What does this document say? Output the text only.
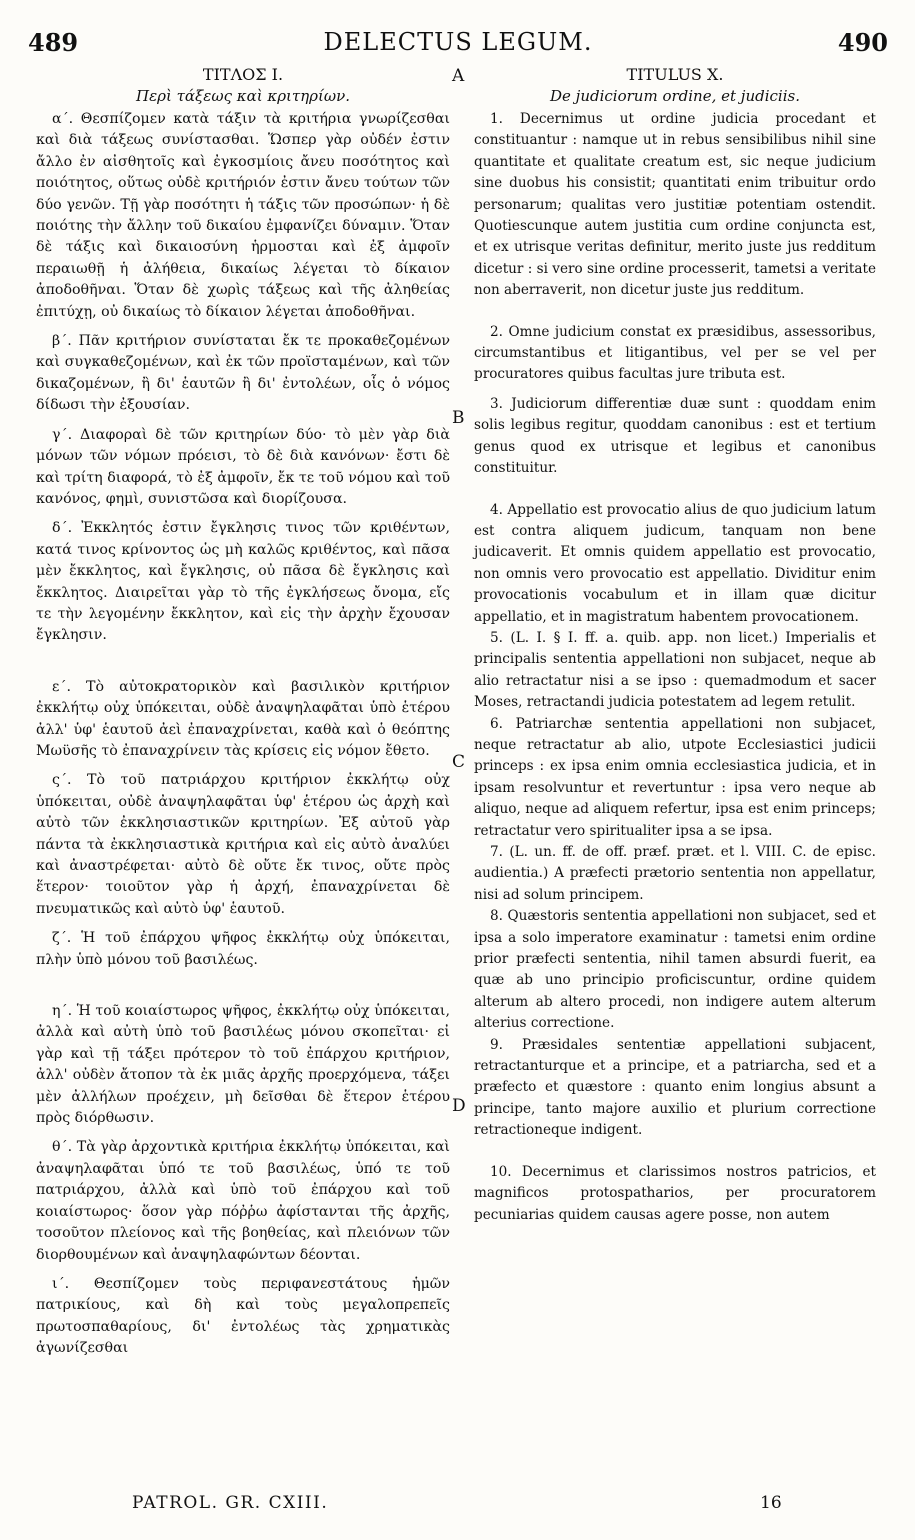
489	DELECTUS LEGUM.	490
ΤΙΤΛΟΣ Ι.
Περὶ τάξεως καὶ κριτηρίων.

α΄. Θεσπίζομεν κατὰ τάξιν τὰ κριτήρια γνωρίζεσθαι καὶ διὰ τάξεως συνίστασθαι. Ὥσπερ γὰρ οὐδέν ἐστιν ἄλλο ἐν αἰσθητοῖς καὶ ἐγκοσμίοις ἄνευ ποσότητος καὶ ποιότητος, οὕτως οὐδὲ κριτήριόν ἐστιν ἄνευ τούτων τῶν δύο γενῶν. Τῇ γὰρ ποσότητι ἡ τάξις τῶν προσώπων· ἡ δὲ ποιότης τὴν ἄλλην τοῦ δικαίου ἐμφανίζει δύναμιν. Ὅταν δὲ τάξις καὶ δικαιοσύνη ἡρμοσται καὶ ἐξ ἀμφοῖν περαιωθῇ ἡ ἀλήθεια, δικαίως λέγεται τὸ δίκαιον ἀποδοθῆναι. Ὅταν δὲ χωρὶς τάξεως καὶ τῆς ἀληθείας ἐπιτύχῃ, οὐ δικαίως τὸ δίκαιον λέγεται ἀποδοθῆναι.

β΄. Πᾶν κριτήριον συνίσταται ἔκ τε προκαθεζομένων καὶ συγκαθεζομένων, καὶ ἐκ τῶν προϊσταμένων, καὶ τῶν δικαζομένων, ἢ δι' ἑαυτῶν ἢ δι' ἐντολέων, οἷς ὁ νόμος δίδωσι τὴν ἐξουσίαν.

γ΄. Διαφοραὶ δὲ τῶν κριτηρίων δύο· τὸ μὲν γὰρ διὰ μόνων τῶν νόμων πρόεισι, τὸ δὲ διὰ κανόνων· ἔστι δὲ καὶ τρίτη διαφορά, τὸ ἐξ ἀμφοῖν, ἔκ τε τοῦ νόμου καὶ τοῦ κανόνος, φημὶ, συνιστῶσα καὶ διορίζουσα.

δ΄. Ἐκκλητός ἐστιν ἔγκλησις τινος τῶν κριθέντων, κατά τινος κρίνοντος ὡς μὴ καλῶς κριθέντος, καὶ πᾶσα μὲν ἔκκλητος, καὶ ἔγκλησις, οὐ πᾶσα δὲ ἔγκλησις καὶ ἔκκλητος. Διαιρεῖται γὰρ τὸ τῆς ἐγκλήσεως ὄνομα, εἴς τε τὴν λεγομένην ἔκκλητον, καὶ εἰς τὴν ἀρχὴν ἔχουσαν ἔγκλησιν.

ε΄. Τὸ αὐτοκρατορικὸν καὶ βασιλικὸν κριτήριον ἐκκλήτῳ οὐχ ὑπόκειται, οὐδὲ ἀναψηλαφᾶται ὑπὸ ἑτέρου ἀλλ' ὑφ' ἑαυτοῦ ἀεὶ ἐπαναχρίνεται, καθὰ καὶ ὁ θεόπτης Μωϋσῆς τὸ ἐπαναχρίνειν τὰς κρίσεις εἰς νόμον ἔθετο.

ς΄. Τὸ τοῦ πατριάρχου κριτήριον ἐκκλήτῳ οὐχ ὑπόκειται, οὐδὲ ἀναψηλαφᾶται ὑφ' ἑτέρου ὡς ἀρχὴ καὶ αὐτὸ τῶν ἐκκλησιαστικῶν κριτηρίων. Ἐξ αὐτοῦ γὰρ πάντα τὰ ἐκκλησιαστικὰ κριτήρια καὶ εἰς αὐτὸ ἀναλύει καὶ ἀναστρέφεται· αὐτὸ δὲ οὔτε ἔκ τινος, οὔτε πρὸς ἕτερον· τοιοῦτον γὰρ ἡ ἀρχή, ἐπαναχρίνεται δὲ πνευματικῶς καὶ αὐτὸ ὑφ' ἑαυτοῦ.

ζ΄. Ἡ τοῦ ἐπάρχου ψῆφος ἐκκλήτῳ οὐχ ὑπόκειται, πλὴν ὑπὸ μόνου τοῦ βασιλέως.

η΄. Ἡ τοῦ κοιαίστωρος ψῆφος, ἐκκλήτῳ οὐχ ὑπόκειται, ἀλλὰ καὶ αὐτὴ ὑπὸ τοῦ βασιλέως μόνου σκοπεῖται· εἰ γὰρ καὶ τῇ τάξει πρότερον τὸ τοῦ ἐπάρχου κριτήριον, ἀλλ' οὐδὲν ἄτοπον τὰ ἐκ μιᾶς ἀρχῆς προερχόμενα, τάξει μὲν ἀλλήλων προέχειν, μὴ δεῖσθαι δὲ ἕτερον ἑτέρου πρὸς διόρθωσιν.

θ΄. Τὰ γὰρ ἀρχοντικὰ κριτήρια ἐκκλήτῳ ὑπόκειται, καὶ ἀναψηλαφᾶται ὑπό τε τοῦ βασιλέως, ὑπό τε τοῦ πατριάρχου, ἀλλὰ καὶ ὑπὸ τοῦ ἐπάρχου καὶ τοῦ κοιαίστωρος· ὅσον γὰρ πόῤῥω ἀφίστανται τῆς ἀρχῆς, τοσοῦτον πλείονος καὶ τῆς βοηθείας, καὶ πλειόνων τῶν διορθουμένων καὶ ἀναψηλαφώντων δέονται.

ι΄. Θεσπίζομεν τοὺς περιφανεστάτους ἡμῶν πατρικίους, καὶ δὴ καὶ τοὺς μεγαλοπρεπεῖς πρωτοσπαθαρίους, δι' ἐντολέως τὰς χρηματικὰς ἀγωνίζεσθαι

A
B
C
D
TITULUS X.
De judiciorum ordine, et judiciis.

1. Decernimus ut ordine judicia procedant et constituantur : namque ut in rebus sensibilibus nihil sine quantitate et qualitate creatum est, sic neque judicium sine duobus his consistit; quantitati enim tribuitur ordo personarum; qualitas vero justitiæ potentiam ostendit. Quotiescunque autem justitia cum ordine conjuncta est, et ex utrisque veritas definitur, merito juste jus redditum dicetur : si vero sine ordine processerit, tametsi a veritate non aberraverit, non dicetur juste jus redditum.

2. Omne judicium constat ex præsidibus, assessoribus, circumstantibus et litigantibus, vel per se vel per procuratores quibus facultas jure tributa est.

3. Judiciorum differentiæ duæ sunt : quoddam enim solis legibus regitur, quoddam canonibus : est et tertium genus quod ex utrisque et legibus et canonibus constituitur.

4. Appellatio est provocatio alius de quo judicium latum est contra aliquem judicum, tanquam non bene judicaverit. Et omnis quidem appellatio est provocatio, non omnis vero provocatio est appellatio. Dividitur enim provocationis vocabulum et in illam quæ dicitur appellatio, et in magistratum habentem provocationem.

5. (L. I. § I. ff. a. quib. app. non licet.) Imperialis et principalis sententia appellationi non subjacet, neque ab alio retractatur nisi a se ipso : quemadmodum et sacer Moses, retractandi judicia potestatem ad legem retulit.

6. Patriarchæ sententia appellationi non subjacet, neque retractatur ab alio, utpote Ecclesiastici judicii princeps : ex ipsa enim omnia ecclesiastica judicia, et in ipsam resolvuntur et revertuntur : ipsa vero neque ab aliquo, neque ad aliquem refertur, ipsa est enim princeps; retractatur vero spiritualiter ipsa a se ipsa.

7. (L. un. ff. de off. præf. præt. et l. VIII. C. de episc. audientia.) A præfecti prætorio sententia non appellatur, nisi ad solum principem.

8. Quæstoris sententia appellationi non subjacet, sed et ipsa a solo imperatore examinatur : tametsi enim ordine prior præfecti sententia, nihil tamen absurdi fuerit, ea quæ ab uno principio proficiscuntur, ordine quidem alterum ab altero procedi, non indigere autem alterum alterius correctione.

9. Præsidales sententiæ appellationi subjacent, retractanturque et a principe, et a patriarcha, sed et a præfecto et quæstore : quanto enim longius absunt a principe, tanto majore auxilio et plurium correctione retractioneque indigent.

10. Decernimus et clarissimos nostros patricios, et magnificos protospatharios, per procuratorem pecuniarias quidem causas agere posse, non autem

PATROL. GR. CXIII.	16
